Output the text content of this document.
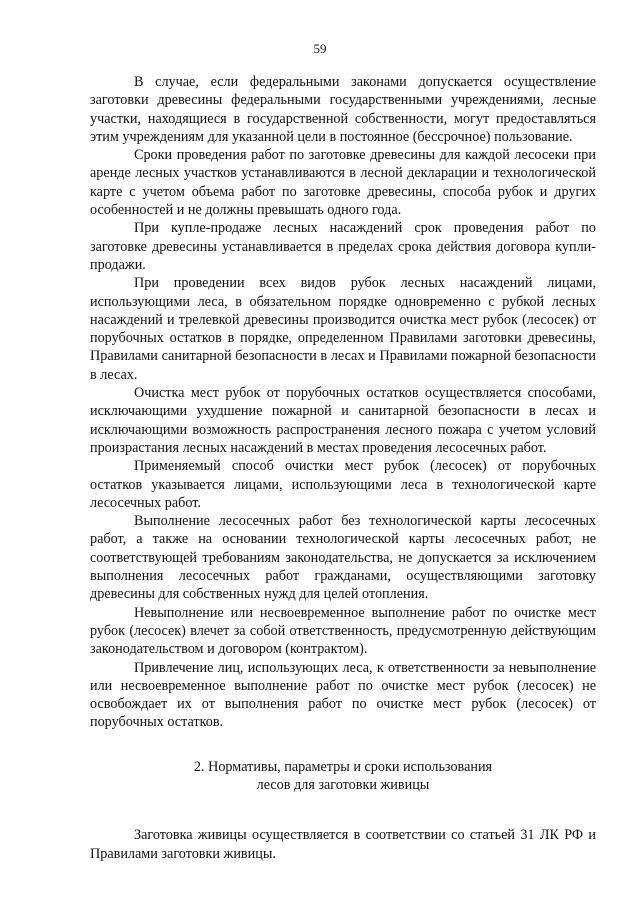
59

В случае, если федеральными законами допускается осуществление заготовки древесины федеральными государственными учреждениями, лесные участки, находящиеся в государственной собственности, могут предоставляться этим учреждениям для указанной цели в постоянное (бессрочное) пользование.

Сроки проведения работ по заготовке древесины для каждой лесосеки при аренде лесных участков устанавливаются в лесной декларации и технологической карте с учетом объема работ по заготовке древесины, способа рубок и других особенностей и не должны превышать одного года.

При купле-продаже лесных насаждений срок проведения работ по заготовке древесины устанавливается в пределах срока действия договора купли-продажи.

При проведении всех видов рубок лесных насаждений лицами, использующими леса, в обязательном порядке одновременно с рубкой лесных насаждений и трелевкой древесины производится очистка мест рубок (лесосек) от порубочных остатков в порядке, определенном Правилами заготовки древесины, Правилами санитарной безопасности в лесах и Правилами пожарной безопасности в лесах.

Очистка мест рубок от порубочных остатков осуществляется способами, исключающими ухудшение пожарной и санитарной безопасности в лесах и исключающими возможность распространения лесного пожара с учетом условий произрастания лесных насаждений в местах проведения лесосечных работ.

Применяемый способ очистки мест рубок (лесосек) от порубочных остатков указывается лицами, использующими леса в технологической карте лесосечных работ.

Выполнение лесосечных работ без технологической карты лесосечных работ, а также на основании технологической карты лесосечных работ, не соответствующей требованиям законодательства, не допускается за исключением выполнения лесосечных работ гражданами, осуществляющими заготовку древесины для собственных нужд для целей отопления.

Невыполнение или несвоевременное выполнение работ по очистке мест рубок (лесосек) влечет за собой ответственность, предусмотренную действующим законодательством и договором (контрактом).

Привлечение лиц, использующих леса, к ответственности за невыполнение или несвоевременное выполнение работ по очистке мест рубок (лесосек) не освобождает их от выполнения работ по очистке мест рубок (лесосек) от порубочных остатков.

2. Нормативы, параметры и сроки использования
лесов для заготовки живицы

Заготовка живицы осуществляется в соответствии со статьей 31 ЛК РФ и Правилами заготовки живицы.
